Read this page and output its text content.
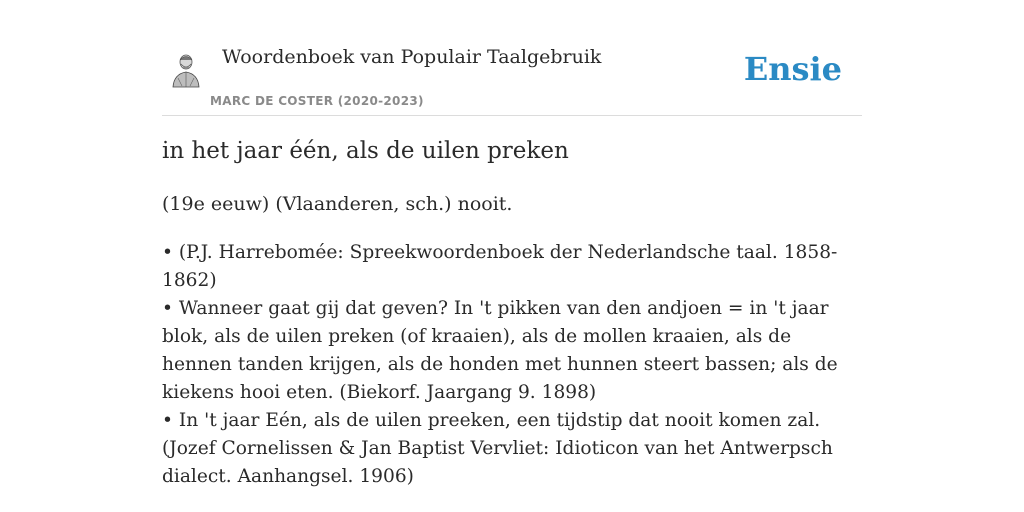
Woordenboek van Populair Taalgebruik
MARC DE COSTER (2020-2023)
Ensie
in het jaar één, als de uilen preken

(19e eeuw) (Vlaanderen, sch.) nooit.

• (P.J. Harrebomée: Spreekwoordenboek der Nederlandsche taal. 1858-1862)
• Wanneer gaat gij dat geven? In 't pikken van den andjoen = in 't jaar blok, als de uilen preken (of kraaien), als de mollen kraaien, als de hennen tanden krijgen, als de honden met hunnen steert bassen; als de kiekens hooi eten. (Biekorf. Jaargang 9. 1898)
• In 't jaar Eén, als de uilen preeken, een tijdstip dat nooit komen zal. (Jozef Cornelissen & Jan Baptist Vervliet: Idioticon van het Antwerpsch dialect. Aanhangsel. 1906)
